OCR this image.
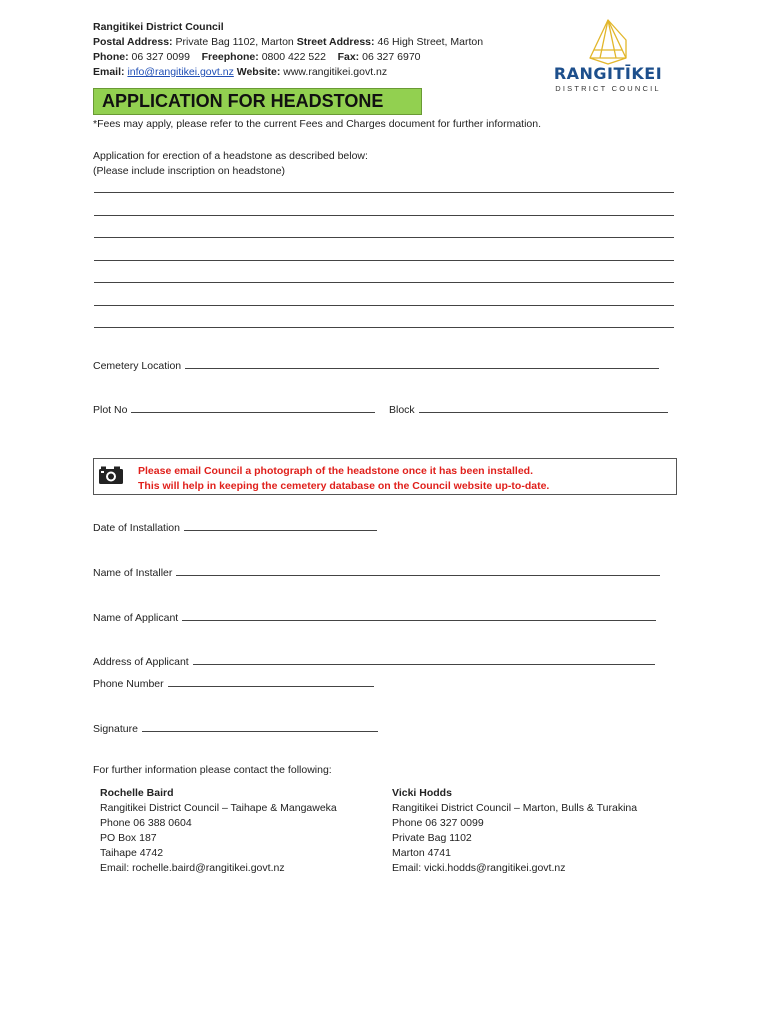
Rangitikei District Council
Postal Address: Private Bag 1102, Marton Street Address: 46 High Street, Marton
Phone: 06 327 0099 Freephone: 0800 422 522 Fax: 06 327 6970
Email: info@rangitikei.govt.nz Website: www.rangitikei.govt.nz	RANGITĪKEI
DISTRICT COUNCIL
APPLICATION FOR HEADSTONE
*Fees may apply, please refer to the current Fees and Charges document for further information.
Application for erection of a headstone as described below:
(Please include inscription on headstone)
Cemetery Location
Plot No	Block
Please email Council a photograph of the headstone once it has been installed.
This will help in keeping the cemetery database on the Council website up-to-date.
Date of Installation
Name of Installer
Name of Applicant
Address of Applicant
Phone Number
Signature
For further information please contact the following:
Rochelle Baird
Rangitikei District Council – Taihape & Mangaweka
Phone 06 388 0604
PO Box 187
Taihape 4742
Email: rochelle.baird@rangitikei.govt.nz
Vicki Hodds
Rangitikei District Council – Marton, Bulls & Turakina
Phone 06 327 0099
Private Bag 1102
Marton 4741
Email: vicki.hodds@rangitikei.govt.nz
